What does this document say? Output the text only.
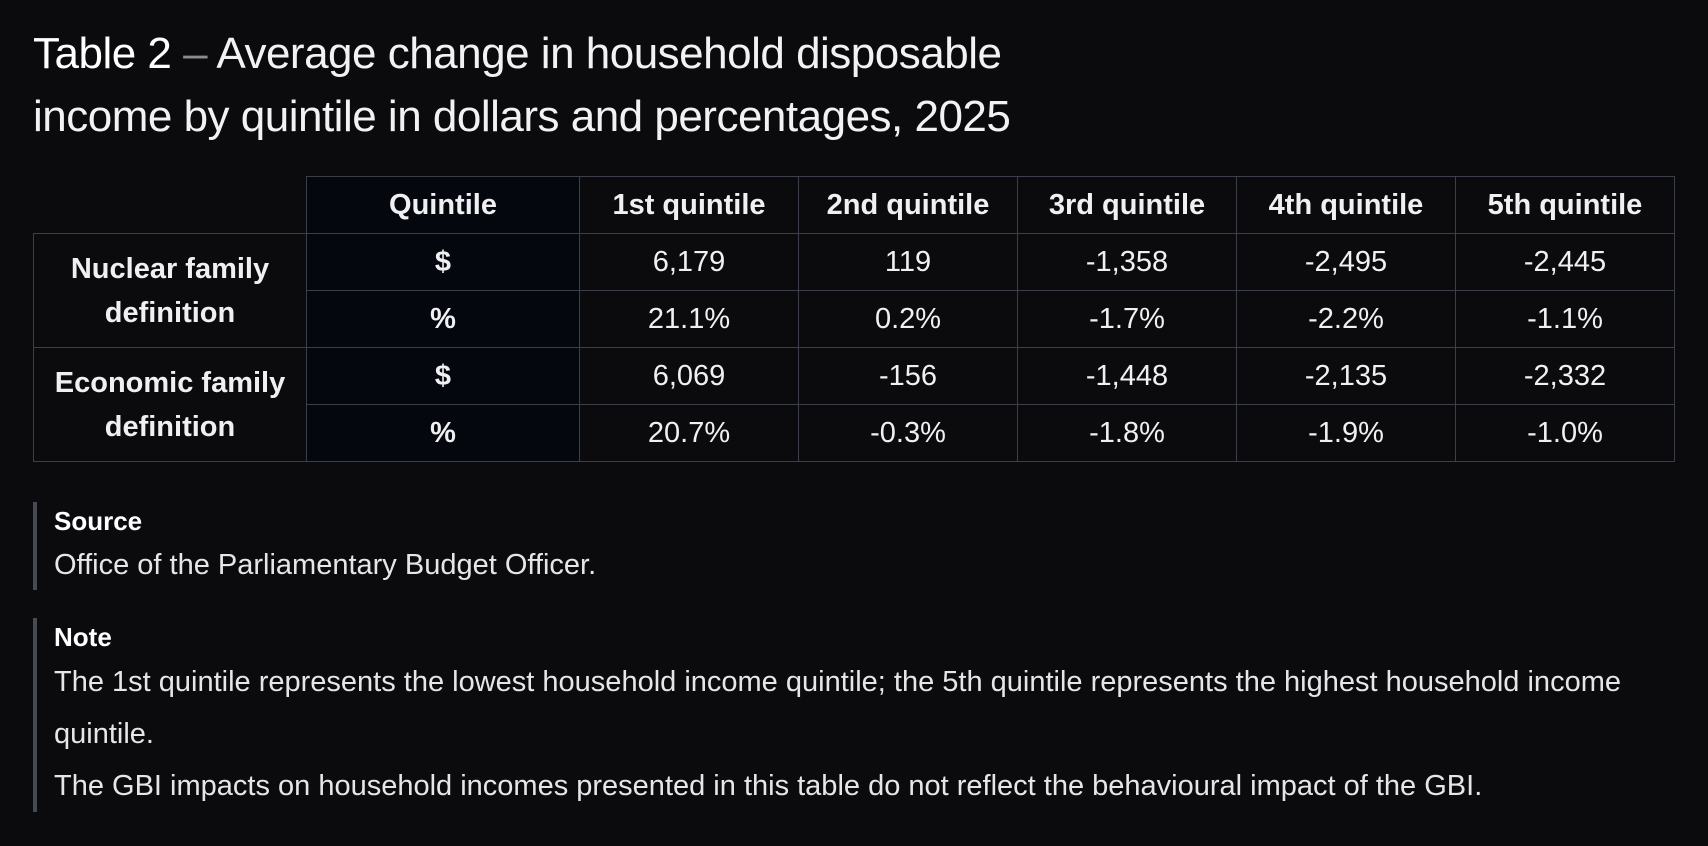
Table 2 – Average change in household disposable income by quintile in dollars and percentages, 2025
	Quintile	1st quintile	2nd quintile	3rd quintile	4th quintile	5th quintile
Nuclear family definition	$	6,179	119	-1,358	-2,495	-2,445
	%	21.1%	0.2%	-1.7%	-2.2%	-1.1%
Economic family definition	$	6,069	-156	-1,448	-2,135	-2,332
	%	20.7%	-0.3%	-1.8%	-1.9%	-1.0%
Source
Office of the Parliamentary Budget Officer.
Note
The 1st quintile represents the lowest household income quintile; the 5th quintile represents the highest household income quintile.
The GBI impacts on household incomes presented in this table do not reflect the behavioural impact of the GBI.
